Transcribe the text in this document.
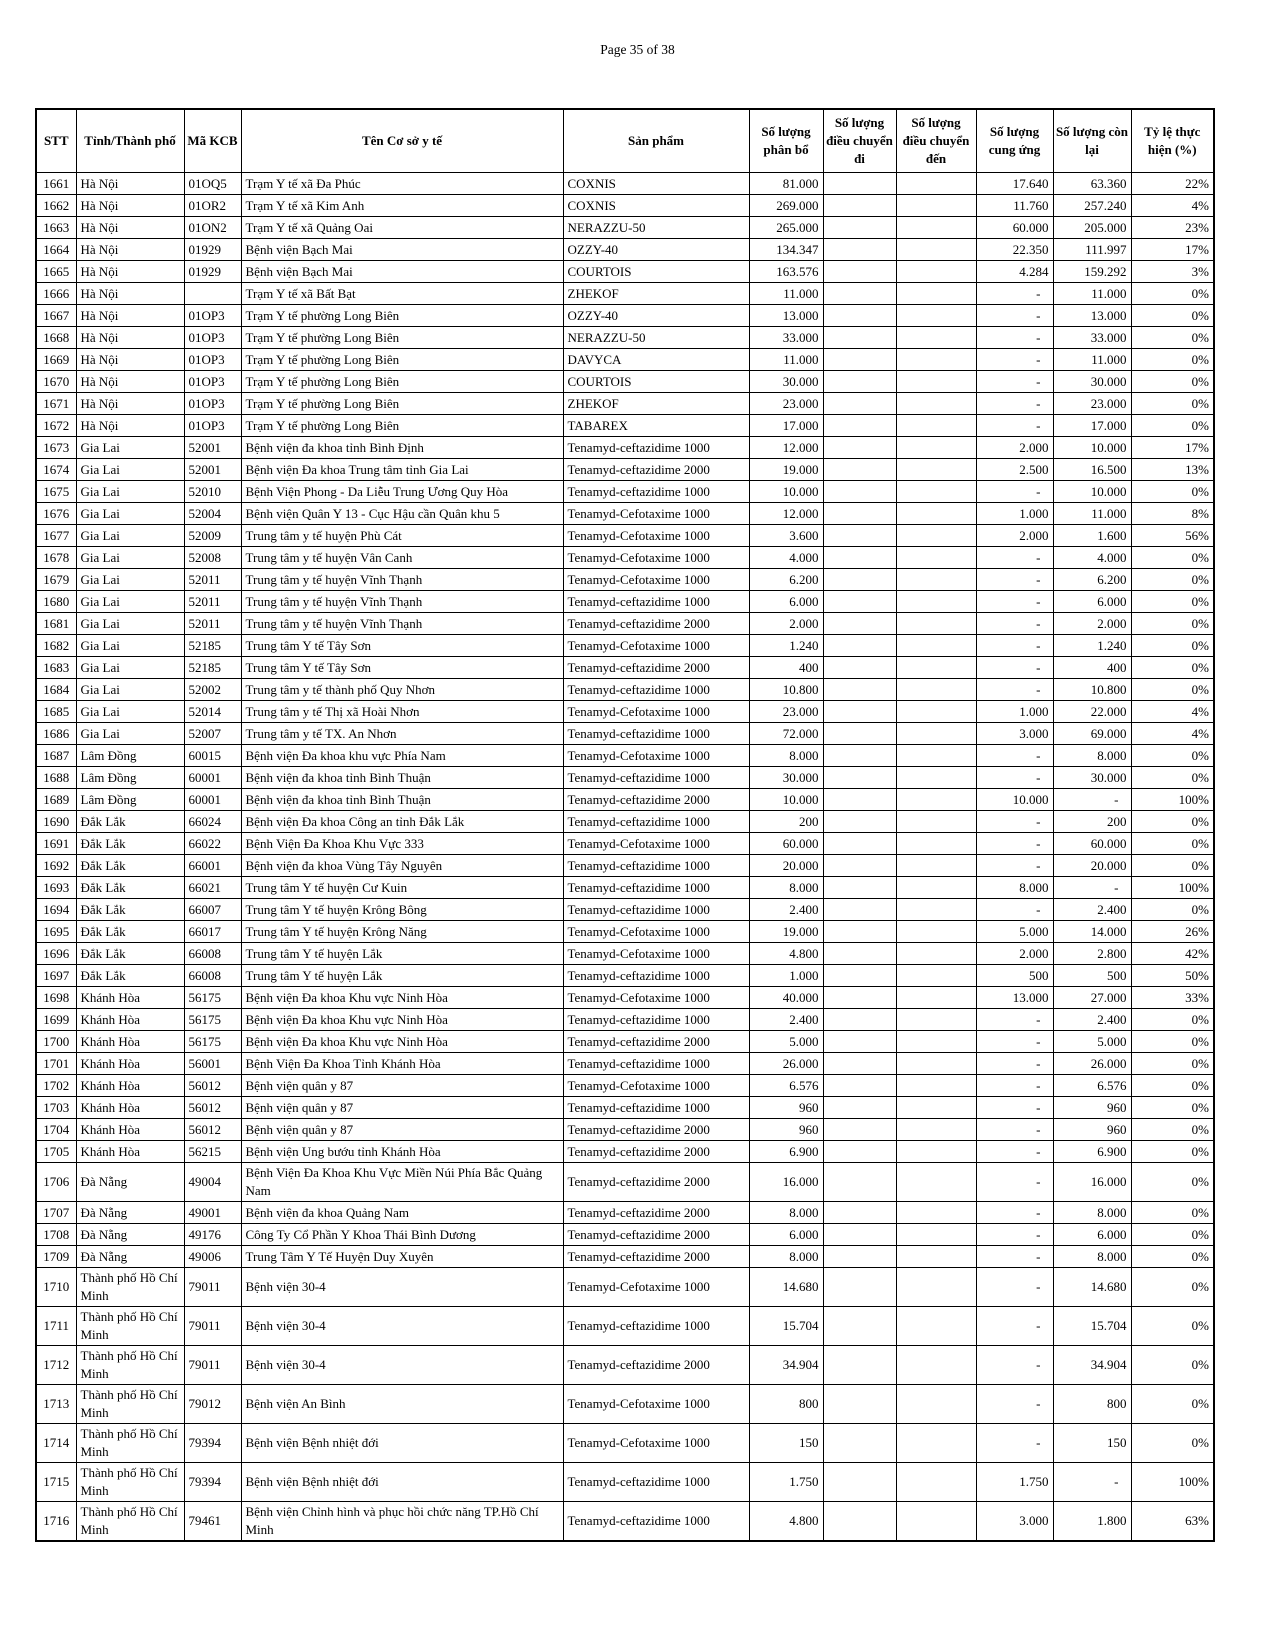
Page 35 of 38
STT	Tỉnh/Thành phố	Mã KCB	Tên Cơ sở y tế	Sản phẩm	Số lượng phân bổ	Số lượng điều chuyển đi	Số lượng điều chuyển đến	Số lượng cung ứng	Số lượng còn lại	Tỷ lệ thực hiện (%)
1661	Hà Nội	01OQ5	Trạm Y tế xã Đa Phúc	COXNIS	81.000			17.640	63.360	22%
1662	Hà Nội	01OR2	Trạm Y tế xã Kim Anh	COXNIS	269.000			11.760	257.240	4%
1663	Hà Nội	01ON2	Trạm Y tế xã Quảng Oai	NERAZZU-50	265.000			60.000	205.000	23%
1664	Hà Nội	01929	Bệnh viện Bạch Mai	OZZY-40	134.347			22.350	111.997	17%
1665	Hà Nội	01929	Bệnh viện Bạch Mai	COURTOIS	163.576			4.284	159.292	3%
1666	Hà Nội		Trạm Y tế xã Bất Bạt	ZHEKOF	11.000			-	11.000	0%
1667	Hà Nội	01OP3	Trạm Y tế phường Long Biên	OZZY-40	13.000			-	13.000	0%
1668	Hà Nội	01OP3	Trạm Y tế phường Long Biên	NERAZZU-50	33.000			-	33.000	0%
1669	Hà Nội	01OP3	Trạm Y tế phường Long Biên	DAVYCA	11.000			-	11.000	0%
1670	Hà Nội	01OP3	Trạm Y tế phường Long Biên	COURTOIS	30.000			-	30.000	0%
1671	Hà Nội	01OP3	Trạm Y tế phường Long Biên	ZHEKOF	23.000			-	23.000	0%
1672	Hà Nội	01OP3	Trạm Y tế phường Long Biên	TABAREX	17.000			-	17.000	0%
1673	Gia Lai	52001	Bệnh viện đa khoa tỉnh Bình Định	Tenamyd-ceftazidime 1000	12.000			2.000	10.000	17%
1674	Gia Lai	52001	Bệnh viện Đa khoa Trung tâm tỉnh Gia Lai	Tenamyd-ceftazidime 2000	19.000			2.500	16.500	13%
1675	Gia Lai	52010	Bệnh Viện Phong - Da Liễu Trung Ương Quy Hòa	Tenamyd-ceftazidime 1000	10.000			-	10.000	0%
1676	Gia Lai	52004	Bệnh viện Quân Y 13 - Cục Hậu cần Quân khu 5	Tenamyd-Cefotaxime 1000	12.000			1.000	11.000	8%
1677	Gia Lai	52009	Trung tâm y tế huyện Phù Cát	Tenamyd-Cefotaxime 1000	3.600			2.000	1.600	56%
1678	Gia Lai	52008	Trung tâm y tế huyện Vân Canh	Tenamyd-Cefotaxime 1000	4.000			-	4.000	0%
1679	Gia Lai	52011	Trung tâm y tế huyện Vĩnh Thạnh	Tenamyd-Cefotaxime 1000	6.200			-	6.200	0%
1680	Gia Lai	52011	Trung tâm y tế huyện Vĩnh Thạnh	Tenamyd-ceftazidime 1000	6.000			-	6.000	0%
1681	Gia Lai	52011	Trung tâm y tế huyện Vĩnh Thạnh	Tenamyd-ceftazidime 2000	2.000			-	2.000	0%
1682	Gia Lai	52185	Trung tâm Y tế Tây Sơn	Tenamyd-Cefotaxime 1000	1.240			-	1.240	0%
1683	Gia Lai	52185	Trung tâm Y tế Tây Sơn	Tenamyd-ceftazidime 2000	400			-	400	0%
1684	Gia Lai	52002	Trung tâm y tế thành phố Quy Nhơn	Tenamyd-ceftazidime 1000	10.800			-	10.800	0%
1685	Gia Lai	52014	Trung tâm y tế Thị xã Hoài Nhơn	Tenamyd-Cefotaxime 1000	23.000			1.000	22.000	4%
1686	Gia Lai	52007	Trung tâm y tế TX. An Nhơn	Tenamyd-ceftazidime 1000	72.000			3.000	69.000	4%
1687	Lâm Đồng	60015	Bệnh viện Đa khoa khu vực Phía Nam	Tenamyd-Cefotaxime 1000	8.000			-	8.000	0%
1688	Lâm Đồng	60001	Bệnh viện đa khoa tỉnh Bình Thuận	Tenamyd-ceftazidime 1000	30.000			-	30.000	0%
1689	Lâm Đồng	60001	Bệnh viện đa khoa tỉnh Bình Thuận	Tenamyd-ceftazidime 2000	10.000			10.000	-	100%
1690	Đắk Lắk	66024	Bệnh viện Đa khoa Công an tỉnh Đắk Lắk	Tenamyd-ceftazidime 1000	200			-	200	0%
1691	Đắk Lắk	66022	Bệnh Viện Đa Khoa Khu Vực 333	Tenamyd-Cefotaxime 1000	60.000			-	60.000	0%
1692	Đắk Lắk	66001	Bệnh viện đa khoa Vùng Tây Nguyên	Tenamyd-ceftazidime 1000	20.000			-	20.000	0%
1693	Đắk Lắk	66021	Trung tâm Y tế huyện Cư Kuin	Tenamyd-ceftazidime 1000	8.000			8.000	-	100%
1694	Đắk Lắk	66007	Trung tâm Y tế huyện Krông Bông	Tenamyd-ceftazidime 1000	2.400			-	2.400	0%
1695	Đắk Lắk	66017	Trung tâm Y tế huyện Krông Năng	Tenamyd-Cefotaxime 1000	19.000			5.000	14.000	26%
1696	Đắk Lắk	66008	Trung tâm Y tế huyện Lắk	Tenamyd-Cefotaxime 1000	4.800			2.000	2.800	42%
1697	Đắk Lắk	66008	Trung tâm Y tế huyện Lắk	Tenamyd-ceftazidime 1000	1.000			500	500	50%
1698	Khánh Hòa	56175	Bệnh viện Đa khoa Khu vực Ninh Hòa	Tenamyd-Cefotaxime 1000	40.000			13.000	27.000	33%
1699	Khánh Hòa	56175	Bệnh viện Đa khoa Khu vực Ninh Hòa	Tenamyd-ceftazidime 1000	2.400			-	2.400	0%
1700	Khánh Hòa	56175	Bệnh viện Đa khoa Khu vực Ninh Hòa	Tenamyd-ceftazidime 2000	5.000			-	5.000	0%
1701	Khánh Hòa	56001	Bệnh Viện Đa Khoa Tỉnh Khánh Hòa	Tenamyd-ceftazidime 1000	26.000			-	26.000	0%
1702	Khánh Hòa	56012	Bệnh viện quân y 87	Tenamyd-Cefotaxime 1000	6.576			-	6.576	0%
1703	Khánh Hòa	56012	Bệnh viện quân y 87	Tenamyd-ceftazidime 1000	960			-	960	0%
1704	Khánh Hòa	56012	Bệnh viện quân y 87	Tenamyd-ceftazidime 2000	960			-	960	0%
1705	Khánh Hòa	56215	Bệnh viện Ung bướu tỉnh Khánh Hòa	Tenamyd-ceftazidime 2000	6.900			-	6.900	0%
1706	Đà Nẵng	49004	Bệnh Viện Đa Khoa Khu Vực Miền Núi Phía Bắc Quảng Nam	Tenamyd-ceftazidime 2000	16.000			-	16.000	0%
1707	Đà Nẵng	49001	Bệnh viện đa khoa Quảng Nam	Tenamyd-ceftazidime 2000	8.000			-	8.000	0%
1708	Đà Nẵng	49176	Công Ty Cổ Phần Y Khoa Thái Bình Dương	Tenamyd-ceftazidime 2000	6.000			-	6.000	0%
1709	Đà Nẵng	49006	Trung Tâm Y Tế Huyện Duy Xuyên	Tenamyd-ceftazidime 2000	8.000			-	8.000	0%
1710	Thành phố Hồ Chí Minh	79011	Bệnh viện 30-4	Tenamyd-Cefotaxime 1000	14.680			-	14.680	0%
1711	Thành phố Hồ Chí Minh	79011	Bệnh viện 30-4	Tenamyd-ceftazidime 1000	15.704			-	15.704	0%
1712	Thành phố Hồ Chí Minh	79011	Bệnh viện 30-4	Tenamyd-ceftazidime 2000	34.904			-	34.904	0%
1713	Thành phố Hồ Chí Minh	79012	Bệnh viện An Bình	Tenamyd-Cefotaxime 1000	800			-	800	0%
1714	Thành phố Hồ Chí Minh	79394	Bệnh viện Bệnh nhiệt đới	Tenamyd-Cefotaxime 1000	150			-	150	0%
1715	Thành phố Hồ Chí Minh	79394	Bệnh viện Bệnh nhiệt đới	Tenamyd-ceftazidime 1000	1.750			1.750	-	100%
1716	Thành phố Hồ Chí Minh	79461	Bệnh viện Chỉnh hình và phục hồi chức năng TP.Hồ Chí Minh	Tenamyd-ceftazidime 1000	4.800			3.000	1.800	63%
